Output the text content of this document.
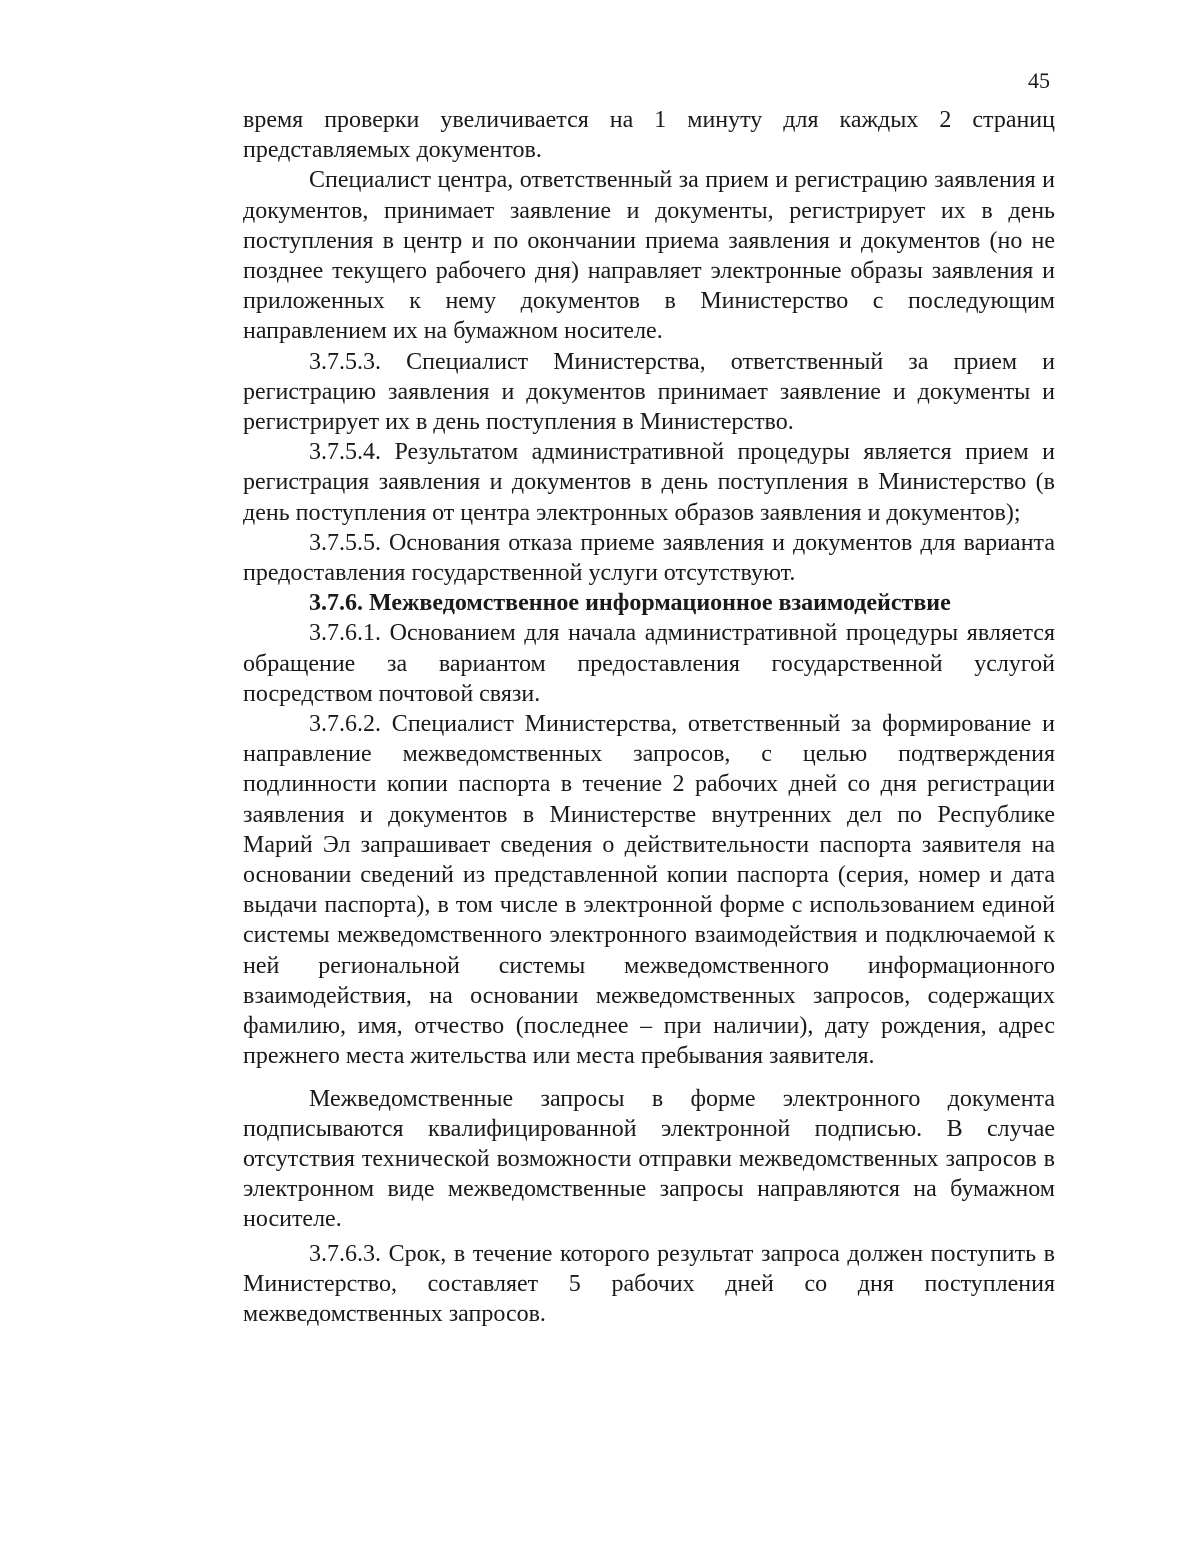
45

время проверки увеличивается на 1 минуту для каждых 2 страниц представляемых документов.

Специалист центра, ответственный за прием и регистрацию заявления и документов, принимает заявление и документы, регистрирует их в день поступления в центр и по окончании приема заявления и документов (но не позднее текущего рабочего дня) направляет электронные образы заявления и приложенных к нему документов в Министерство с последующим направлением их на бумажном носителе.

3.7.5.3. Специалист Министерства, ответственный за прием и регистрацию заявления и документов принимает заявление и документы и регистрирует их в день поступления в Министерство.

3.7.5.4. Результатом административной процедуры является прием и регистрация заявления и документов в день поступления в Министерство (в день поступления от центра электронных образов заявления и документов);

3.7.5.5. Основания отказа приеме заявления и документов для варианта предоставления государственной услуги отсутствуют.

3.7.6. Межведомственное информационное взаимодействие

3.7.6.1. Основанием для начала административной процедуры является обращение за вариантом предоставления государственной услугой посредством почтовой связи.

3.7.6.2. Специалист Министерства, ответственный за формирование и направление межведомственных запросов, с целью подтверждения подлинности копии паспорта в течение 2 рабочих дней со дня регистрации заявления и документов в Министерстве внутренних дел по Республике Марий Эл запрашивает сведения о действительности паспорта заявителя на основании сведений из представленной копии паспорта (серия, номер и дата выдачи паспорта), в том числе в электронной форме с использованием единой системы межведомственного электронного взаимодействия и подключаемой к ней региональной системы межведомственного информационного взаимодействия, на основании межведомственных запросов, содержащих фамилию, имя, отчество (последнее – при наличии), дату рождения, адрес прежнего места жительства или места пребывания заявителя.

Межведомственные запросы в форме электронного документа подписываются квалифицированной электронной подписью. В случае отсутствия технической возможности отправки межведомственных запросов в электронном виде межведомственные запросы направляются на бумажном носителе.

3.7.6.3. Срок, в течение которого результат запроса должен поступить в Министерство, составляет 5 рабочих дней со дня поступления межведомственных запросов.
